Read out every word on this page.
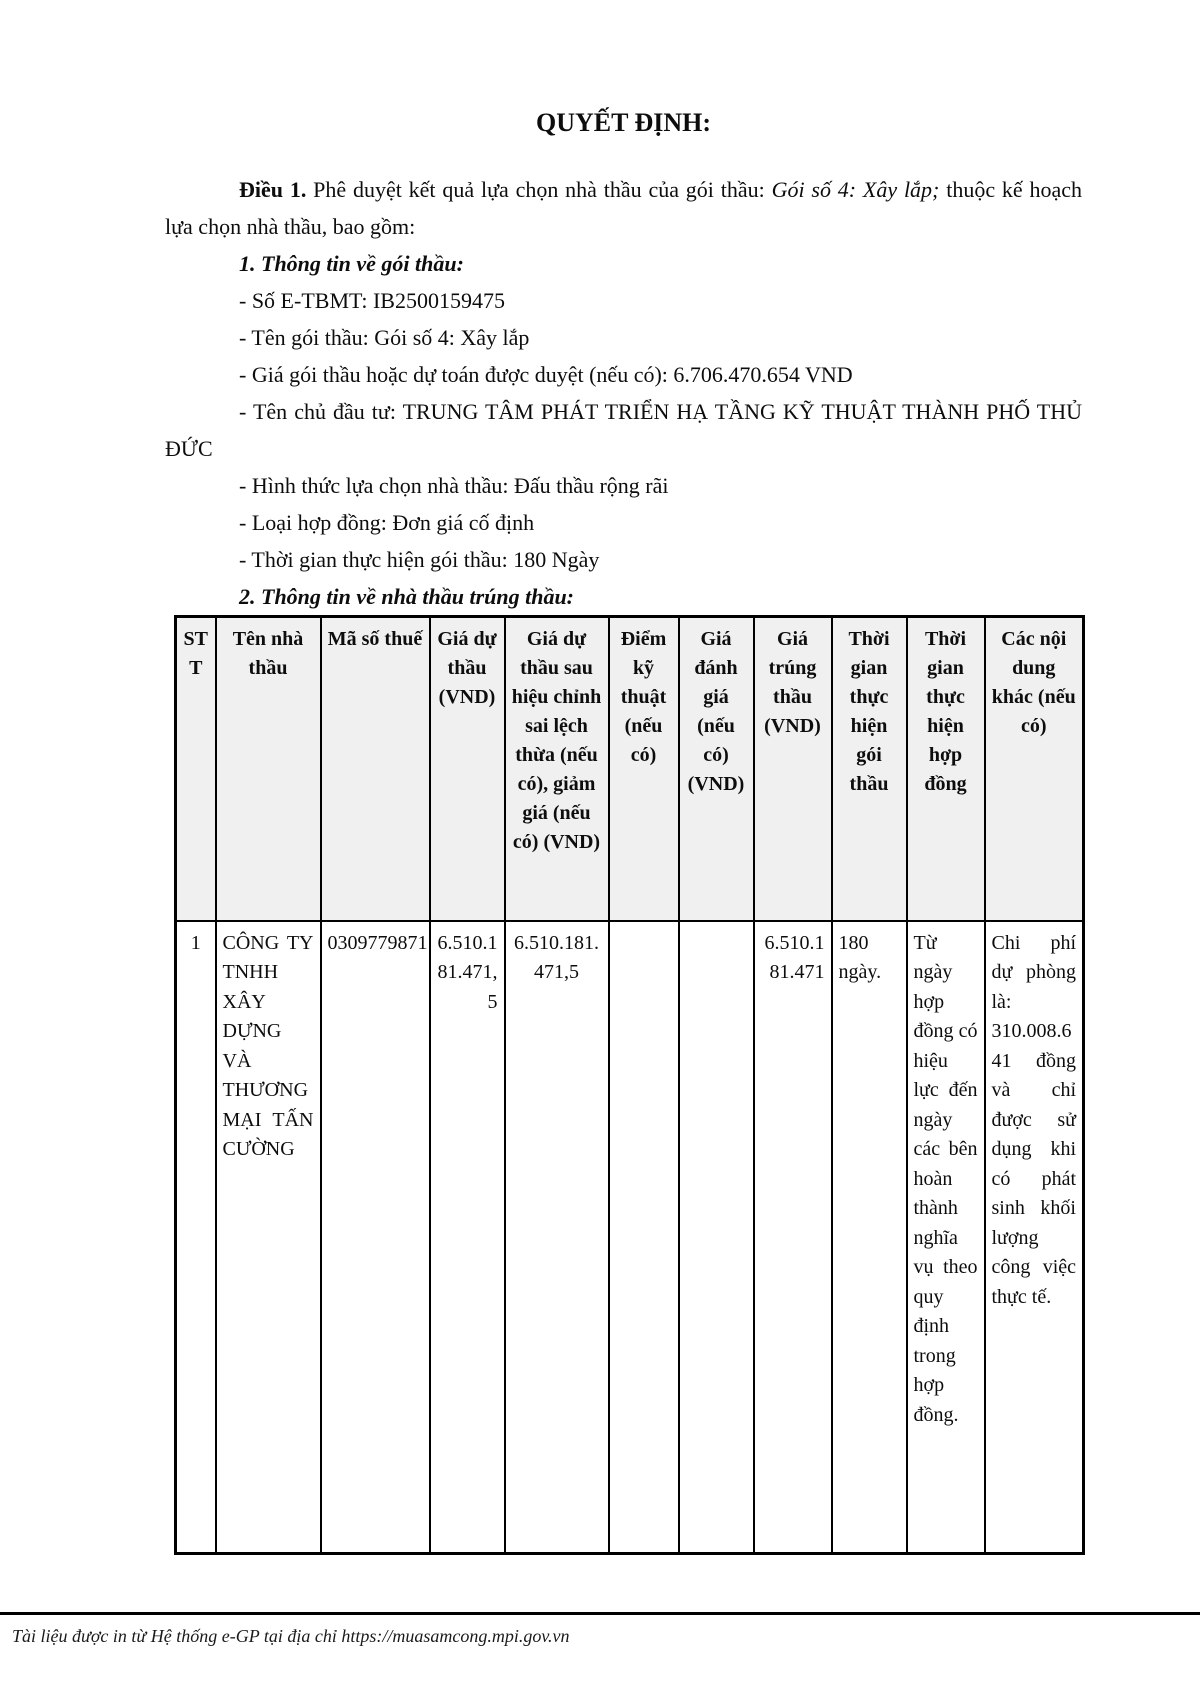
QUYẾT ĐỊNH:

Điều 1. Phê duyệt kết quả lựa chọn nhà thầu của gói thầu: Gói số 4: Xây lắp; thuộc kế hoạch lựa chọn nhà thầu, bao gồm:

1. Thông tin về gói thầu:

- Số E-TBMT: IB2500159475

- Tên gói thầu: Gói số 4: Xây lắp

- Giá gói thầu hoặc dự toán được duyệt (nếu có): 6.706.470.654 VND

- Tên chủ đầu tư: TRUNG TÂM PHÁT TRIỂN HẠ TẦNG KỸ THUẬT THÀNH PHỐ THỦ ĐỨC

- Hình thức lựa chọn nhà thầu: Đấu thầu rộng rãi

- Loại hợp đồng: Đơn giá cố định

- Thời gian thực hiện gói thầu: 180 Ngày

2. Thông tin về nhà thầu trúng thầu:

STT	Tên nhà thầu	Mã số thuế	Giá dự thầu (VND)	Giá dự thầu sau hiệu chỉnh sai lệch thừa (nếu có), giảm giá (nếu có) (VND)	Điểm kỹ thuật (nếu có)	Giá đánh giá (nếu có) (VND)	Giá trúng thầu (VND)	Thời gian thực hiện gói thầu	Thời gian thực hiện hợp đồng	Các nội dung khác (nếu có)
1	CÔNG TY TNHH XÂY DỰNG VÀ THƯƠNG MẠI TẤN CƯỜNG	0309779871	6.510.181.471,5	6.510.181.471,5			6.510.181.471	180 ngày.	Từ ngày hợp đồng có hiệu lực đến ngày các bên hoàn thành nghĩa vụ theo quy định trong hợp đồng.	Chi phí dự phòng là: 310.008.641 đồng và chỉ được sử dụng khi có phát sinh khối lượng công việc thực tế.
Tài liệu được in từ Hệ thống e-GP tại địa chỉ https://muasamcong.mpi.gov.vn
